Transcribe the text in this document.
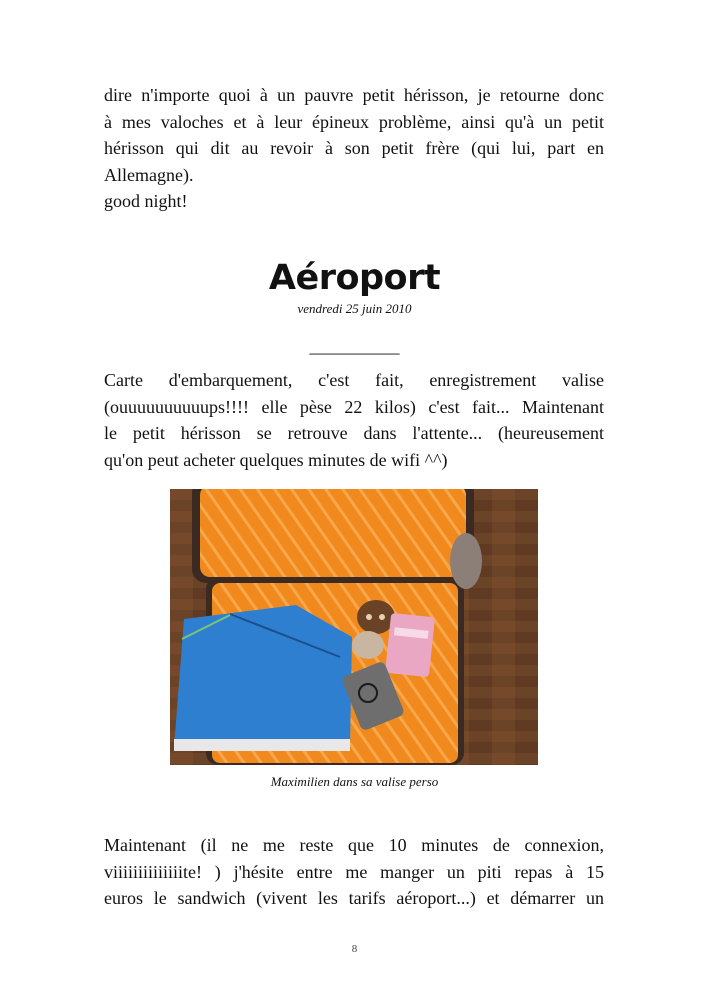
dire n'importe quoi à un pauvre petit hérisson, je retourne donc
à mes valoches et à leur épineux problème, ainsi qu'à un petit
hérisson qui dit au revoir à son petit frère (qui lui, part en
Allemagne).
good night!
Aéroport

vendredi 25 juin 2010

__________

Carte d'embarquement, c'est fait, enregistrement valise
(ouuuuuuuuuups!!!! elle pèse 22 kilos) c'est fait... Maintenant
le petit hérisson se retrouve dans l'attente... (heureusement
qu'on peut acheter quelques minutes de wifi ^^)

Maximilien dans sa valise perso

Maintenant (il ne me reste que 10 minutes de connexion,
viiiiiiiiiiiiiite! ) j'hésite entre me manger un piti repas à 15
euros le sandwich (vivent les tarifs aéroport...) et démarrer un

8
